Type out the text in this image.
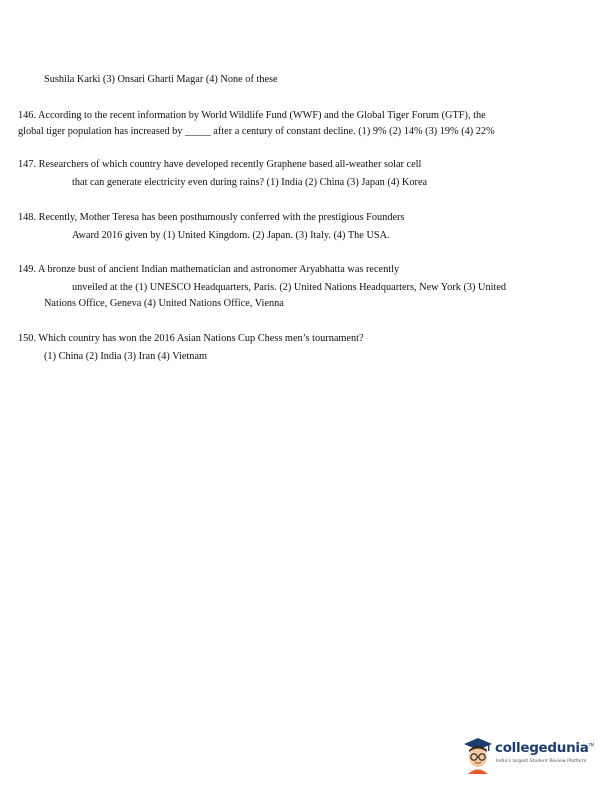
Sushila Karki (3) Onsari Gharti Magar (4) None of these
146. According to the recent information by World Wildlife Fund (WWF) and the Global Tiger Forum (GTF), the
global tiger population has increased by _____ after a century of constant decline. (1) 9% (2) 14% (3) 19% (4) 22%
147. Researchers of which country have developed recently Graphene based all-weather solar cell
that can generate electricity even during rains? (1) India (2) China (3) Japan (4) Korea
148. Recently, Mother Teresa has been posthumously conferred with the prestigious Founders
Award 2016 given by (1) United Kingdom. (2) Japan. (3) Italy. (4) The USA.
149. A bronze bust of ancient Indian mathematician and astronomer Aryabhatta was recently
unveiled at the (1) UNESCO Headquarters, Paris. (2) United Nations Headquarters, New York (3) United
Nations Office, Geneva (4) United Nations Office, Vienna
150. Which country has won the 2016 Asian Nations Cup Chess men’s tournament?
(1) China (2) India (3) Iran (4) Vietnam
collegedunia™
India's largest Student Review Platform
